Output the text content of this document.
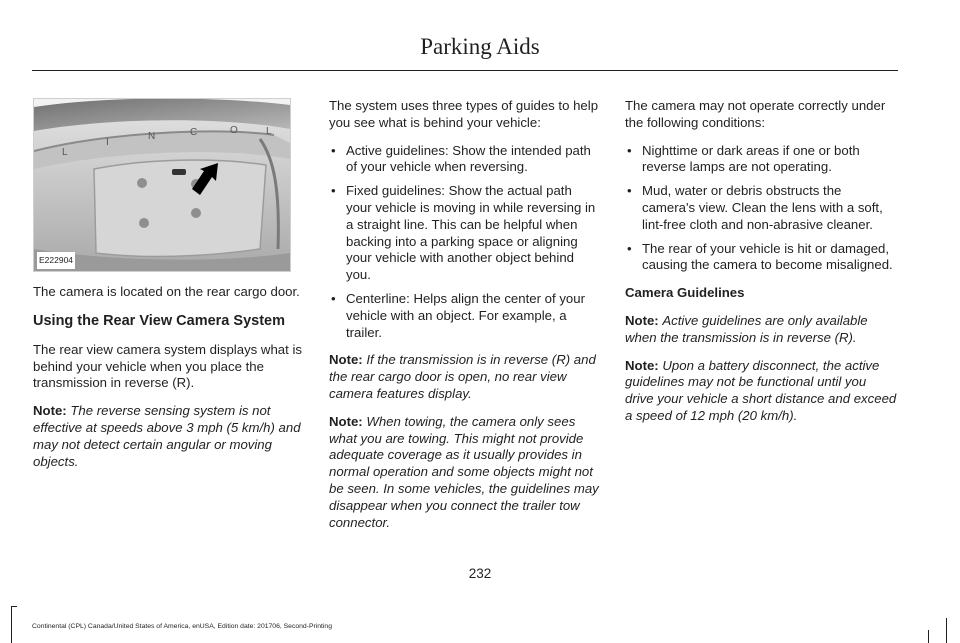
Parking Aids
L
I
N	C	O	L
E222904

The camera is located on the rear cargo door.

Using the Rear View Camera System

The rear view camera system displays what is behind your vehicle when you place the transmission in reverse (R).

Note: The reverse sensing system is not effective at speeds above 3 mph (5 km/h) and may not detect certain angular or moving objects.

The system uses three types of guides to help you see what is behind your vehicle:

• Active guidelines: Show the intended path of your vehicle when reversing.
• Fixed guidelines: Show the actual path your vehicle is moving in while reversing in a straight line. This can be helpful when backing into a parking space or aligning your vehicle with another object behind you.
• Centerline: Helps align the center of your vehicle with an object. For example, a trailer.

Note: If the transmission is in reverse (R) and the rear cargo door is open, no rear view camera features display.

Note: When towing, the camera only sees what you are towing. This might not provide adequate coverage as it usually provides in normal operation and some objects might not be seen. In some vehicles, the guidelines may disappear when you connect the trailer tow connector.

The camera may not operate correctly under the following conditions:

• Nighttime or dark areas if one or both reverse lamps are not operating.
• Mud, water or debris obstructs the camera's view. Clean the lens with a soft, lint-free cloth and non-abrasive cleaner.
• The rear of your vehicle is hit or damaged, causing the camera to become misaligned.
Camera Guidelines

Note: Active guidelines are only available when the transmission is in reverse (R).

Note: Upon a battery disconnect, the active guidelines may not be functional until you drive your vehicle a short distance and exceed a speed of 12 mph (20 km/h).

232
Continental (CPL) Canada/United States of America, enUSA, Edition date: 201706, Second-Printing
